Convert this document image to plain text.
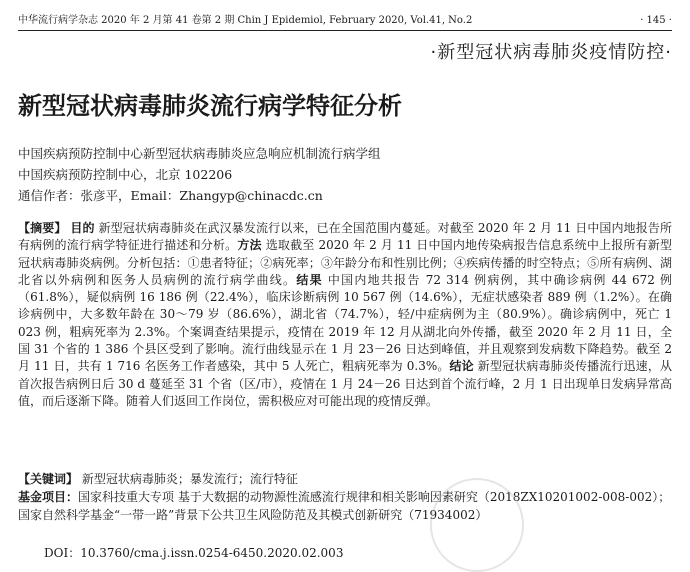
中华流行病学杂志 2020 年 2 月第 41 卷第 2 期 Chin J Epidemiol, February 2020, Vol.41, No.2	· 145 ·
·新型冠状病毒肺炎疫情防控·
新型冠状病毒肺炎流行病学特征分析
中国疾病预防控制中心新型冠状病毒肺炎应急响应机制流行病学组
中国疾病预防控制中心，北京 102206
通信作者：张彦平，Email：Zhangyp@chinacdc.cn
【摘要】 目的 新型冠状病毒肺炎在武汉暴发流行以来，已在全国范围内蔓延。对截至 2020 年 2 月 11 日中国内地报告所有病例的流行病学特征进行描述和分析。方法 选取截至 2020 年 2 月 11 日中国内地传染病报告信息系统中上报所有新型冠状病毒肺炎病例。分析包括：①患者特征；②病死率；③年龄分布和性别比例；④疾病传播的时空特点；⑤所有病例、湖北省以外病例和医务人员病例的流行病学曲线。结果 中国内地共报告 72 314 例病例，其中确诊病例 44 672 例（61.8%），疑似病例 16 186 例（22.4%），临床诊断病例 10 567 例（14.6%），无症状感染者 889 例（1.2%）。在确诊病例中，大多数年龄在 30～79 岁（86.6%），湖北省（74.7%），轻/中症病例为主（80.9%）。确诊病例中，死亡 1 023 例，粗病死率为 2.3%。个案调查结果提示，疫情在 2019 年 12 月从湖北向外传播，截至 2020 年 2 月 11 日，全国 31 个省的 1 386 个县区受到了影响。流行曲线显示在 1 月 23－26 日达到峰值，并且观察到发病数下降趋势。截至 2 月 11 日，共有 1 716 名医务工作者感染，其中 5 人死亡，粗病死率为 0.3%。结论 新型冠状病毒肺炎传播流行迅速，从首次报告病例日后 30 d 蔓延至 31 个省（区/市），疫情在 1 月 24－26 日达到首个流行峰，2 月 1 日出现单日发病异常高值，而后逐渐下降。随着人们返回工作岗位，需积极应对可能出现的疫情反弹。
【关键词】 新型冠状病毒肺炎；暴发流行；流行特征
基金项目：国家科技重大专项 基于大数据的动物源性流感流行规律和相关影响因素研究（2018ZX10201002-008-002）；国家自然科学基金“一带一路”背景下公共卫生风险防范及其模式创新研究（71934002）
DOI：10.3760/cma.j.issn.0254-6450.2020.02.003
